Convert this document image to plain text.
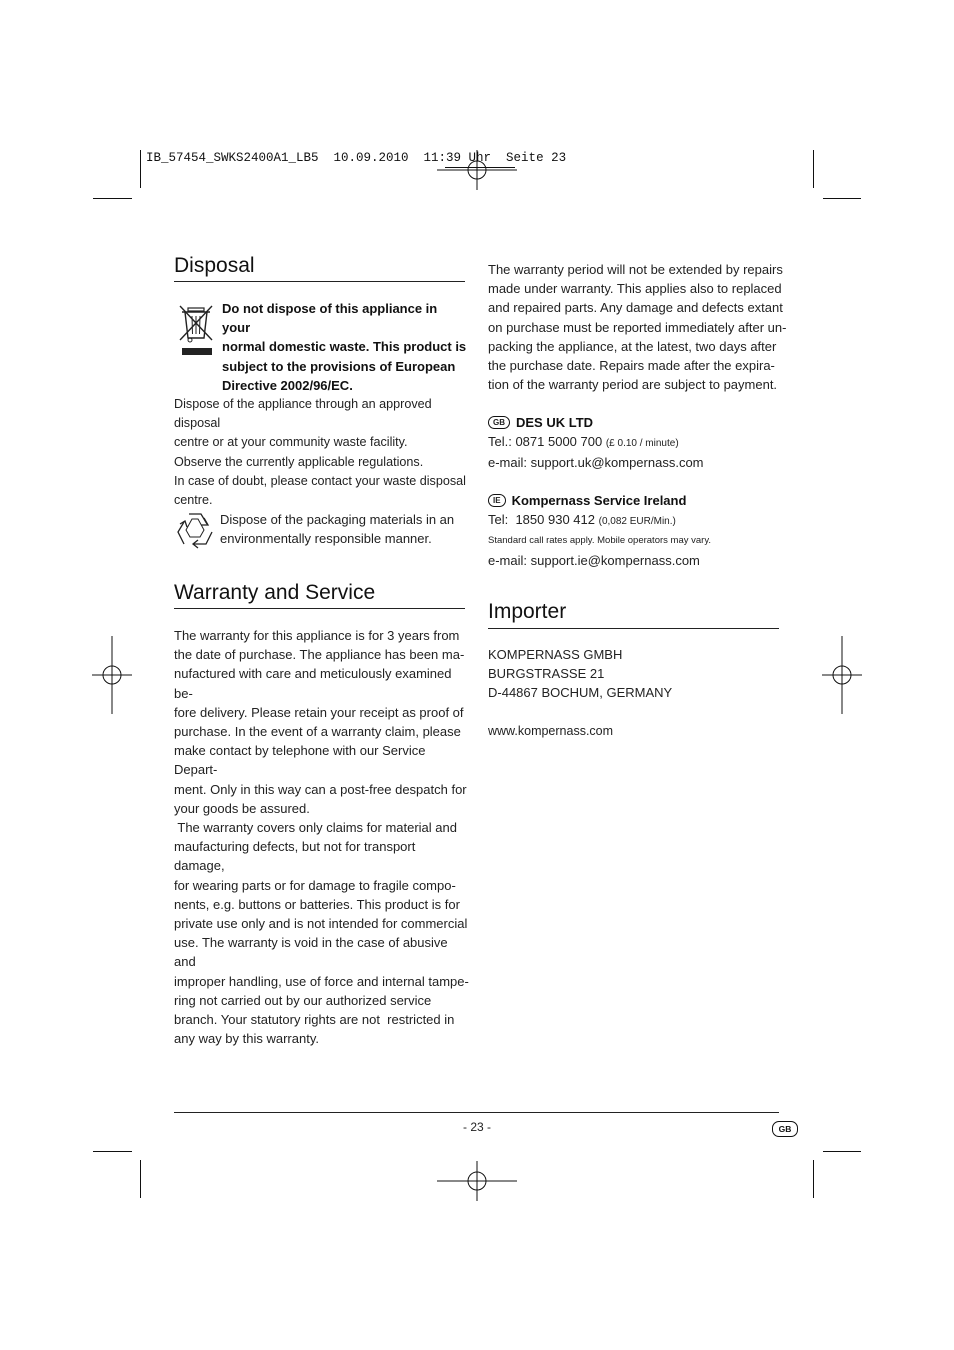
IB_57454_SWKS2400A1_LB5  10.09.2010  11:39 Uhr  Seite 23
Disposal

Do not dispose of this appliance in your

normal domestic waste. This product is

subject to the provisions of European

Directive 2002/96/EC.

Dispose of the appliance through an approved disposal

centre or at your community waste facility.

Observe the currently applicable regulations.

In case of doubt, please contact your waste disposal

centre.

Dispose of the packaging materials in an

environmentally responsible manner.

Warranty and Service

The warranty for this appliance is for 3 years from

the date of purchase. The appliance has been ma-

nufactured with care and meticulously examined be-

fore delivery. Please retain your receipt as proof of

purchase. In the event of a warranty claim, please

make contact by telephone with our Service Depart-

ment. Only in this way can a post-free despatch for

your goods be assured.

The warranty covers only claims for material and

maufacturing defects, but not for transport damage,

for wearing parts or for damage to fragile compo-

nents, e.g. buttons or batteries. This product is for

private use only and is not intended for commercial

use. The warranty is void in the case of abusive and

improper handling, use of force and internal tampe-

ring not carried out by our authorized service

branch. Your statutory rights are not  restricted in

any way by this warranty.

The warranty period will not be extended by repairs

made under warranty. This applies also to replaced

and repaired parts. Any damage and defects extant

on purchase must be reported immediately after un-

packing the appliance, at the latest, two days after

the purchase date. Repairs made after the expira-

tion of the warranty period are subject to payment.

GB DES UK LTD

Tel.: 0871 5000 700 (£ 0.10 / minute)

e-mail: support.uk@kompernass.com

IE Kompernass Service Ireland

Tel:  1850 930 412 (0,082 EUR/Min.)

Standard call rates apply. Mobile operators may vary.

e-mail: support.ie@kompernass.com

Importer

KOMPERNASS GMBH

BURGSTRASSE 21

D-44867 BOCHUM, GERMANY

www.kompernass.com
- 23 -	GB
